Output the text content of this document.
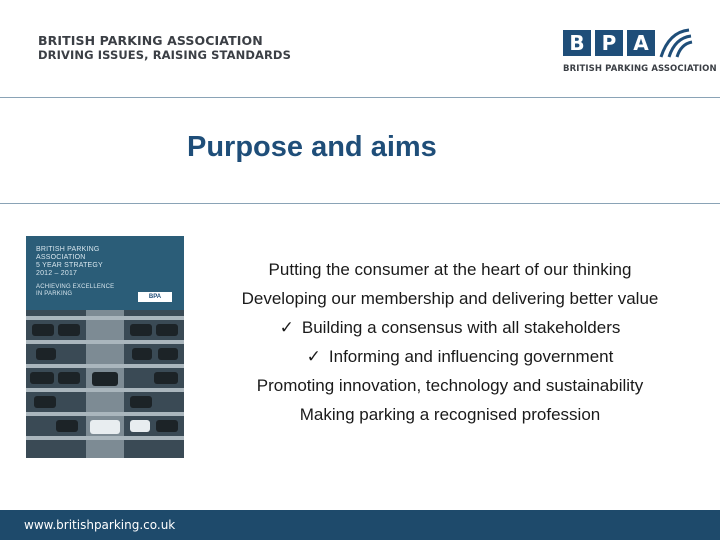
BRITISH PARKING ASSOCIATION
DRIVING ISSUES, RAISING STANDARDS	B P A
BRITISH PARKING ASSOCIATION
Purpose and aims
BRITISH PARKING
ASSOCIATION
5 YEAR STRATEGY
2012 – 2017
ACHIEVING EXCELLENCE
IN PARKING	BPA
Putting the consumer at the heart of our thinking
Developing our membership and delivering better value
✓ Building a consensus with all stakeholders
✓ Informing and influencing government
Promoting innovation, technology and sustainability
Making parking a recognised profession
www.britishparking.co.uk
